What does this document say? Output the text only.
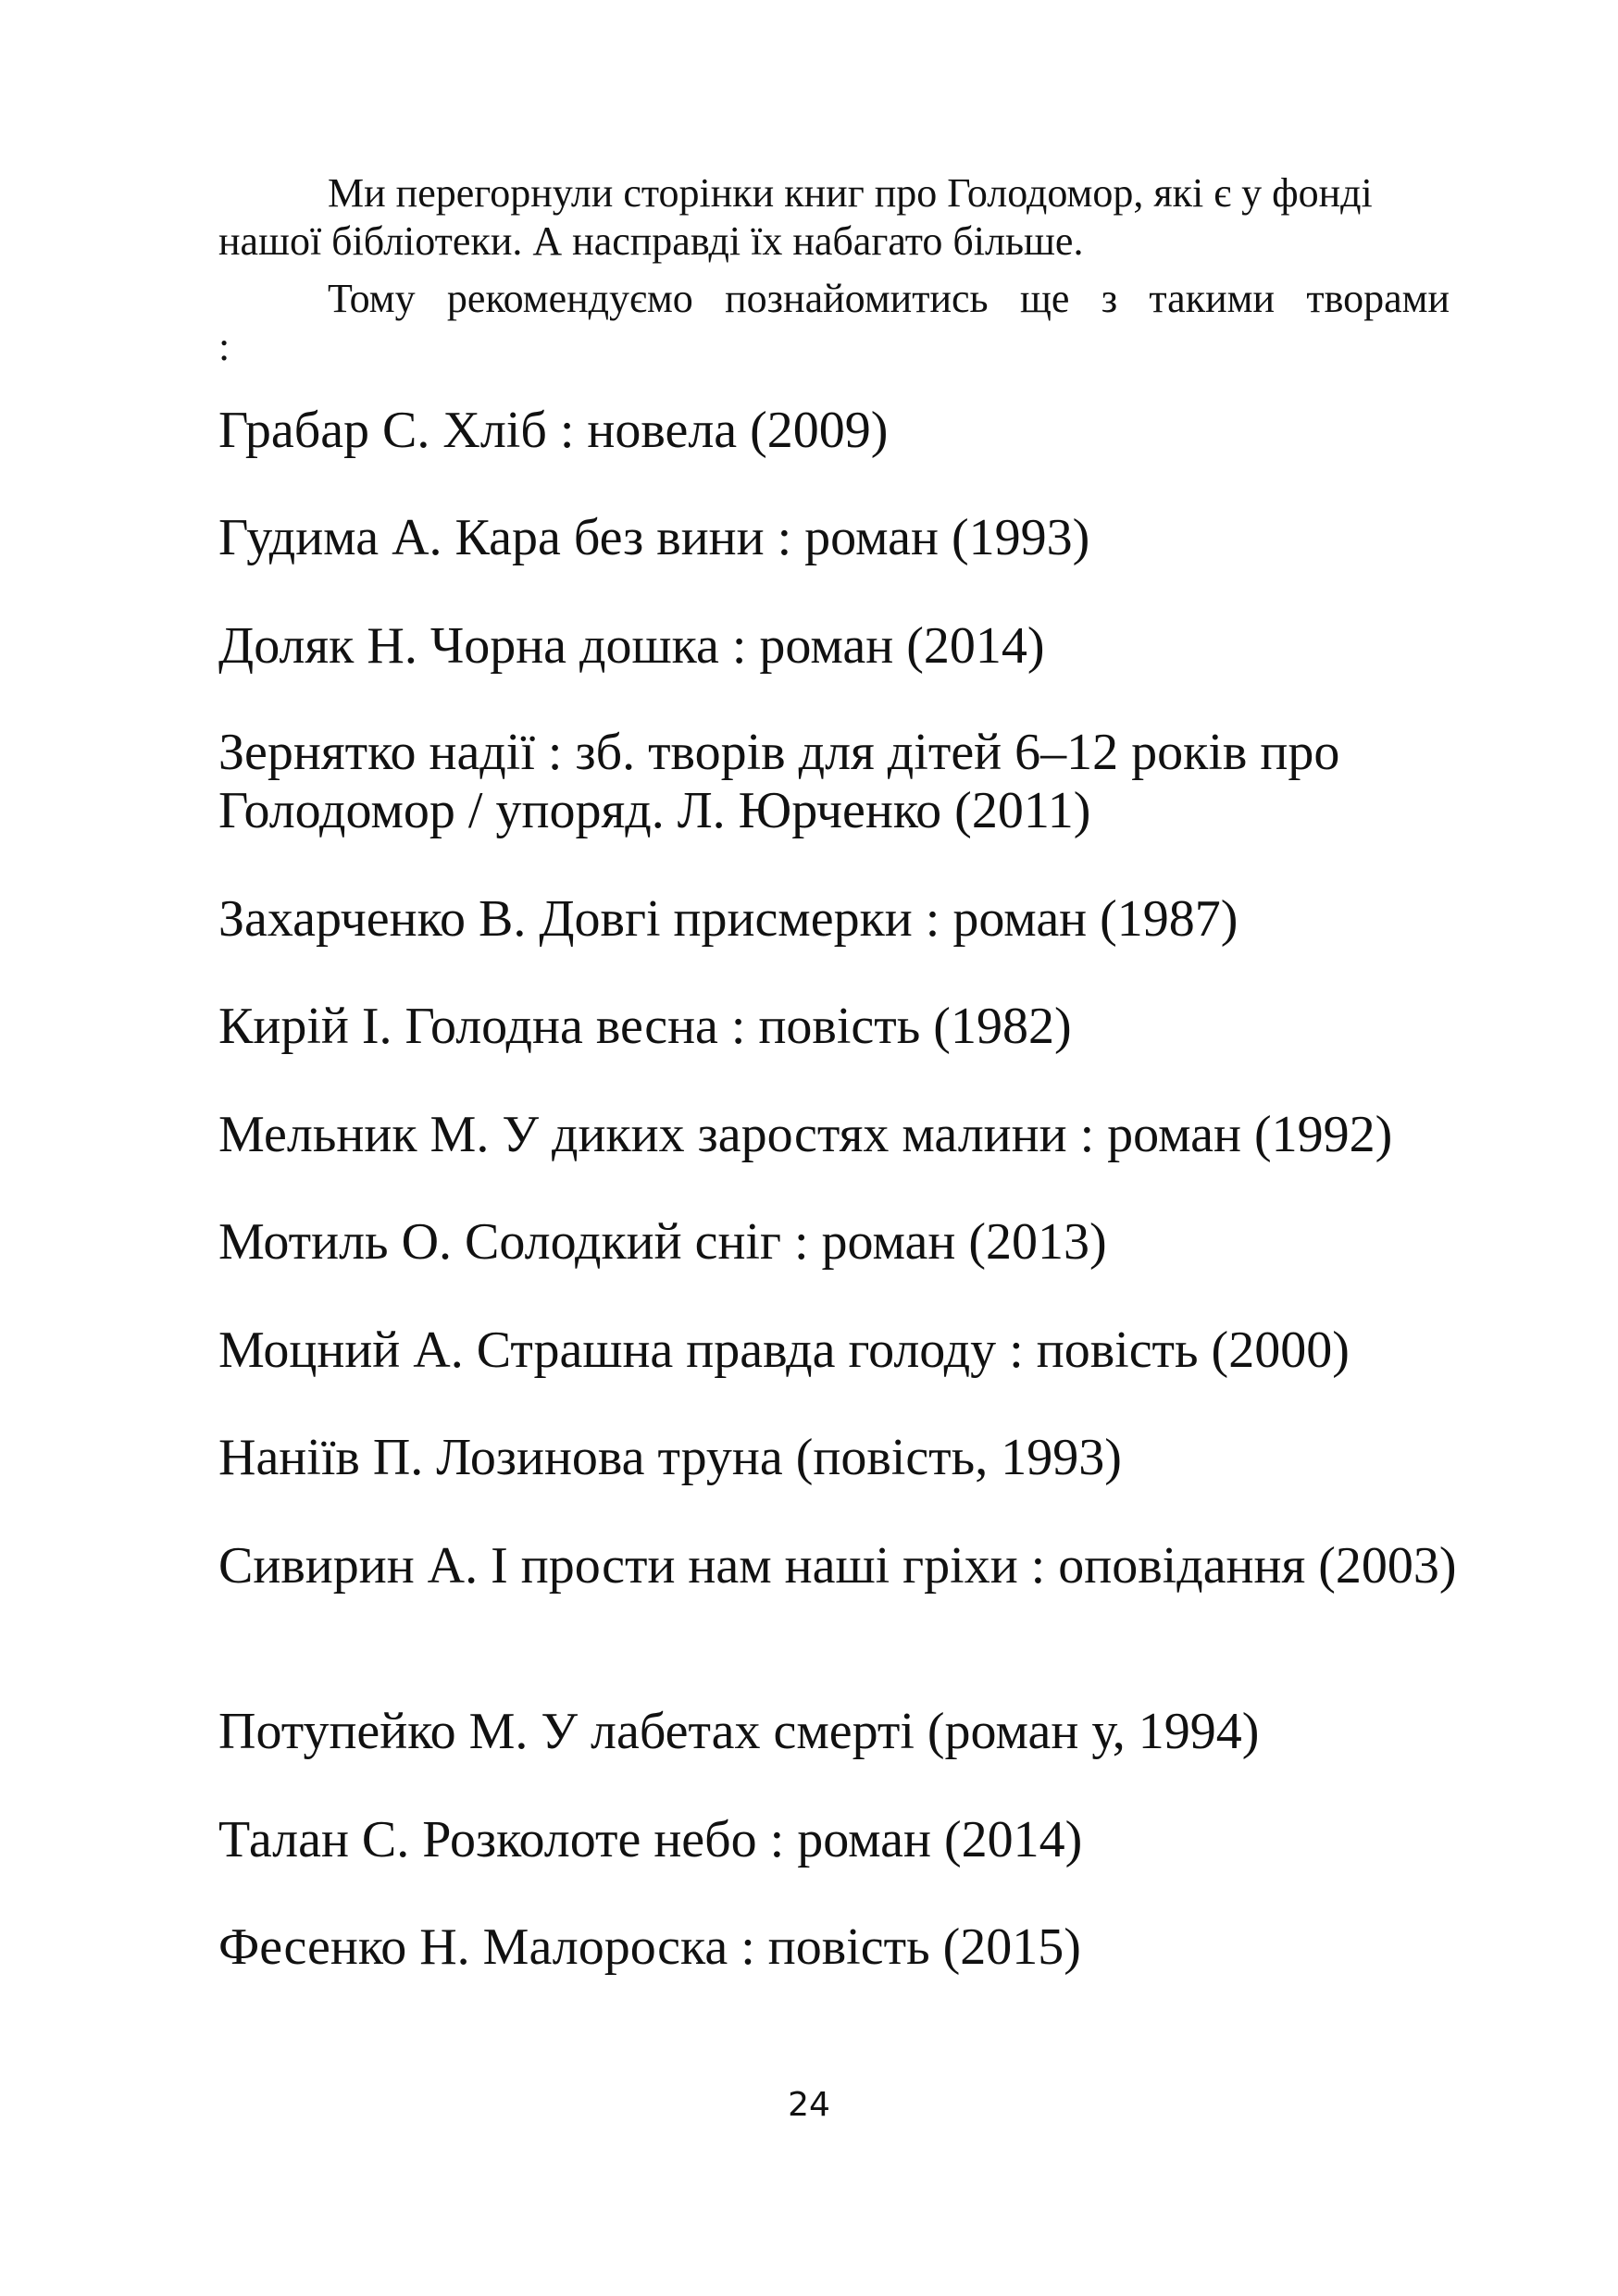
Ми перегорнули сторінки книг про Голодомор, які є у фонді нашої бібліотеки. А насправді їх набагато більше.

Тому рекомендуємо познайомитись ще з такими творами :

Грабар С. Хліб : новела (2009)
Гудима А. Кара без вини : роман (1993)
Доляк Н. Чорна дошка : роман (2014)
Зернятко надії : зб. творів для дітей 6–12 років про Голодомор / упоряд. Л. Юрченко (2011)
Захарченко В. Довгі присмерки : роман (1987)
Кирій І. Голодна весна : повість (1982)
Мельник М. У диких заростях малини : роман (1992)
Мотиль О. Солодкий сніг : роман (2013)
Моцний А. Страшна правда голоду : повість (2000)
Наніїв П. Лозинова труна (повість, 1993)
Сивирин А. І прости нам наші гріхи : оповідання (2003)
Потупейко М. У лабетах смерті (роман у, 1994)
Талан С. Розколоте небо : роман (2014)
Фесенко Н. Малороска : повість (2015)
24
